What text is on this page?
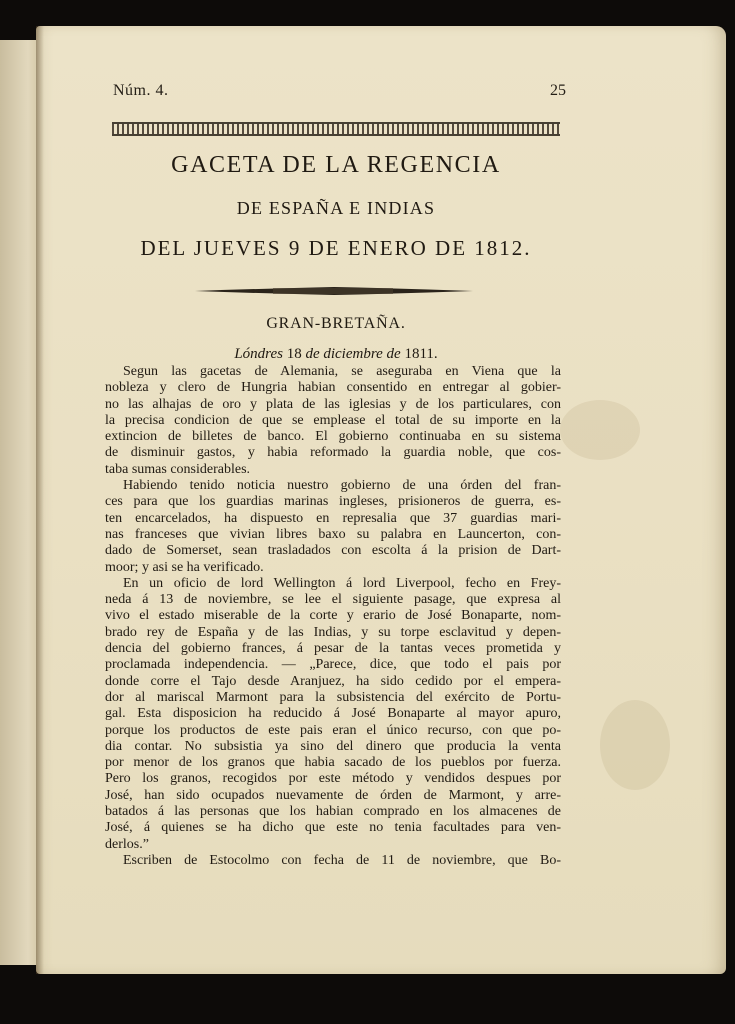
Núm. 4.	25
GACETA DE LA REGENCIA
DE ESPAÑA E INDIAS
DEL JUEVES 9 DE ENERO DE 1812.
GRAN-BRETAÑA.
Lóndres 18 de diciembre de 1811.
Segun las gacetas de Alemania, se aseguraba en Viena que la
nobleza y clero de Hungria habian consentido en entregar al gobier-
no las alhajas de oro y plata de las iglesias y de los particulares, con
la precisa condicion de que se emplease el total de su importe en la
extincion de billetes de banco. El gobierno continuaba en su sistema
de disminuir gastos, y habia reformado la guardia noble, que cos-
taba sumas considerables.
Habiendo tenido noticia nuestro gobierno de una órden del fran-
ces para que los guardias marinas ingleses, prisioneros de guerra, es-
ten encarcelados, ha dispuesto en represalia que 37 guardias mari-
nas franceses que vivian libres baxo su palabra en Launcerton, con-
dado de Somerset, sean trasladados con escolta á la prision de Dart-
moor; y asi se ha verificado.
En un oficio de lord Wellington á lord Liverpool, fecho en Frey-
neda á 13 de noviembre, se lee el siguiente pasage, que expresa al
vivo el estado miserable de la corte y erario de José Bonaparte, nom-
brado rey de España y de las Indias, y su torpe esclavitud y depen-
dencia del gobierno frances, á pesar de la tantas veces prometida y
proclamada independencia. — „Parece, dice, que todo el pais por
donde corre el Tajo desde Aranjuez, ha sido cedido por el empera-
dor al mariscal Marmont para la subsistencia del exército de Portu-
gal. Esta disposicion ha reducido á José Bonaparte al mayor apuro,
porque los productos de este pais eran el único recurso, con que po-
dia contar. No subsistia ya sino del dinero que producia la venta
por menor de los granos que habia sacado de los pueblos por fuerza.
Pero los granos, recogidos por este método y vendidos despues por
José, han sido ocupados nuevamente de órden de Marmont, y arre-
batados á las personas que los habian comprado en los almacenes de
José, á quienes se ha dicho que este no tenia facultades para ven-
derlos.”
Escriben de Estocolmo con fecha de 11 de noviembre, que Bo-
